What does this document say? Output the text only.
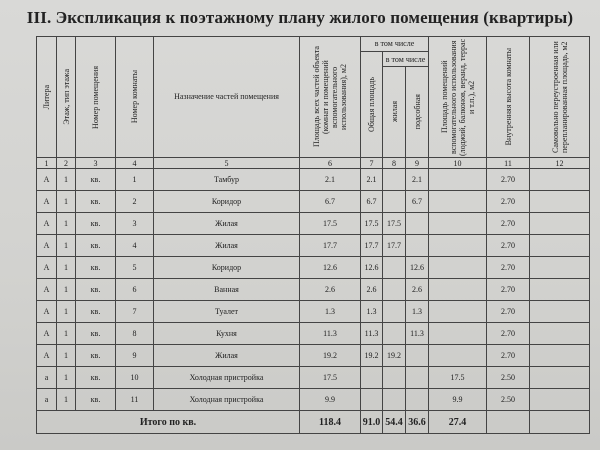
III. Экспликация к поэтажному плану жилого помещения (квартиры)
Литера	Этаж, тип этажа	Номер помещения	Номер комнаты	Назначение частей помещения	Площадь всех частей объекта (комнат и помещений вспомогательного использования), м2	в том числе			Площадь помещений вспомогательного использования (лоджий, балконов, веранд, террас и т.п.), м2	Внутренняя высота комнаты	Самовольно переустроенная или перепланированная площадь, м2

						Общая площадь	в том числе				

							жилая	подсобная			

1	2	3	4	5	6	7	8	9	10	11	12
А	1	кв.	1	Тамбур	2.1	2.1		2.1		2.70	
А	1	кв.	2	Коридор	6.7	6.7		6.7		2.70	
А	1	кв.	3	Жилая	17.5	17.5	17.5			2.70	
А	1	кв.	4	Жилая	17.7	17.7	17.7			2.70	
А	1	кв.	5	Коридор	12.6	12.6		12.6		2.70	
А	1	кв.	6	Ванная	2.6	2.6		2.6		2.70	
А	1	кв.	7	Туалет	1.3	1.3		1.3		2.70	
А	1	кв.	8	Кухня	11.3	11.3		11.3		2.70	
А	1	кв.	9	Жилая	19.2	19.2	19.2			2.70	
а	1	кв.	10	Холодная пристройка	17.5				17.5	2.50	
а	1	кв.	11	Холодная пристройка	9.9				9.9	2.50	
Итого по кв.					118.4	91.0	54.4	36.6	27.4		
